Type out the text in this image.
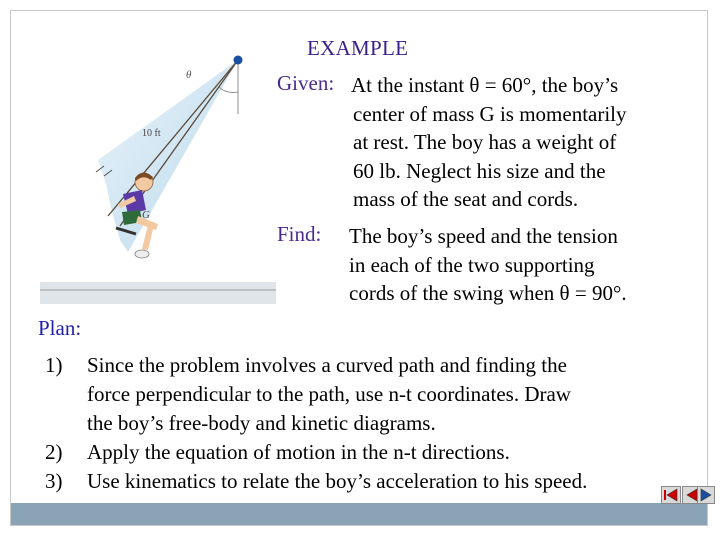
EXAMPLE
θ
10 ft
G
Given: At the instant θ = 60°, the boy’s
center of mass G is momentarily
at rest. The boy has a weight of
60 lb. Neglect his size and the
mass of the seat and cords.
Find: The boy’s speed and the tension
in each of the two supporting
cords of the swing when θ = 90°.
Plan:
1) Since the problem involves a curved path and finding the
force perpendicular to the path, use n-t coordinates. Draw
the boy’s free-body and kinetic diagrams.
2) Apply the equation of motion in the n-t directions.
3) Use kinematics to relate the boy’s acceleration to his speed.
